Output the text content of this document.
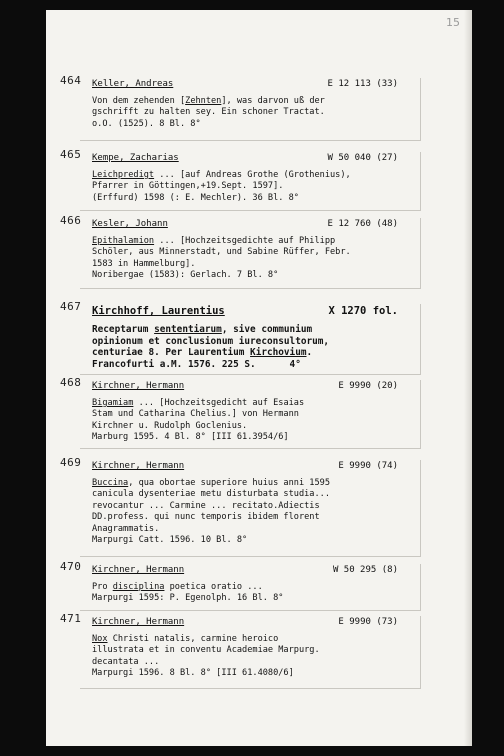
15
464 Keller, Andreas	E 12 113 (33)
Von dem zehenden [Zehnten], was darvon uß der
gschrifft zu halten sey. Ein schoner Tractat.
o.O. (1525). 8 Bl. 8°
465 Kempe, Zacharias	W 50 040 (27)
Leichpredigt ... [auf Andreas Grothe (Grothenius),
Pfarrer in Göttingen,+19.Sept. 1597].
(Erffurd) 1598 (: E. Mechler). 36 Bl. 8°
466 Kesler, Johann	E 12 760 (48)
Epithalamion ... [Hochzeitsgedichte auf Philipp
Schöler, aus Minnerstadt, und Sabine Rüffer, Febr.
1583 in Hammelburg].
Noribergae (1583): Gerlach. 7 Bl. 8°
467 Kirchhoff, Laurentius	X 1270 fol.
Receptarum sententiarum, sive communium
opinionum et conclusionum iureconsultorum,
centuriae 8. Per Laurentium Kirchovium.
Francofurti a.M. 1576. 225 S.      4°
468 Kirchner, Hermann	E 9990 (20)
Bigamiam ... [Hochzeitsgedicht auf Esaias
Stam und Catharina Chelius.] von Hermann
Kirchner u. Rudolph Goclenius.
Marburg 1595. 4 Bl. 8° [III 61.3954/6]
469 Kirchner, Hermann	E 9990 (74)
Buccina, qua obortae superiore huius anni 1595
canicula dysenteriae metu disturbata studia...
revocantur ... Carmine ... recitato.Adiectis
DD.profess. qui nunc temporis ibidem florent
Anagrammatis.
Marpurgi Catt. 1596. 10 Bl. 8°
470 Kirchner, Hermann	W 50 295 (8)
Pro disciplina poetica oratio ...
Marpurgi 1595: P. Egenolph. 16 Bl. 8°
471 Kirchner, Hermann	E 9990 (73)
Nox Christi natalis, carmine heroico
illustrata et in conventu Academiae Marpurg.
decantata ...
Marpurgi 1596. 8 Bl. 8° [III 61.4080/6]
